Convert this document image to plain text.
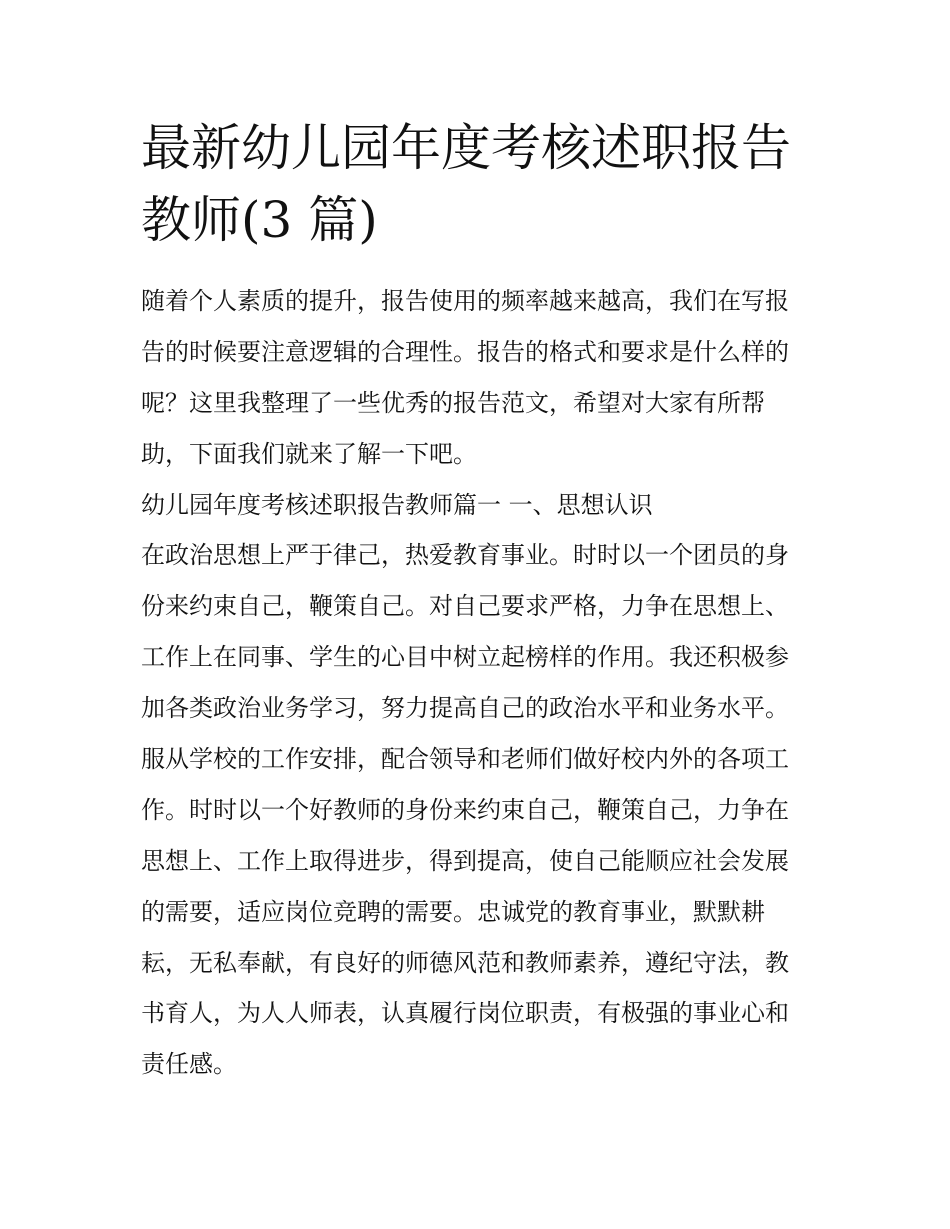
最新幼儿园年度考核述职报告
教师(3 篇)
随着个人素质的提升，报告使用的频率越来越高，我们在写报
告的时候要注意逻辑的合理性。报告的格式和要求是什么样的
呢？这里我整理了一些优秀的报告范文，希望对大家有所帮
助，下面我们就来了解一下吧。
幼儿园年度考核述职报告教师篇一 一、思想认识
在政治思想上严于律己，热爱教育事业。时时以一个团员的身
份来约束自己，鞭策自己。对自己要求严格，力争在思想上、
工作上在同事、学生的心目中树立起榜样的作用。我还积极参
加各类政治业务学习，努力提高自己的政治水平和业务水平。
服从学校的工作安排，配合领导和老师们做好校内外的各项工
作。时时以一个好教师的身份来约束自己，鞭策自己，力争在
思想上、工作上取得进步，得到提高，使自己能顺应社会发展
的需要，适应岗位竞聘的需要。忠诚党的教育事业，默默耕
耘，无私奉献，有良好的师德风范和教师素养，遵纪守法，教
书育人，为人人师表，认真履行岗位职责，有极强的事业心和
责任感。
